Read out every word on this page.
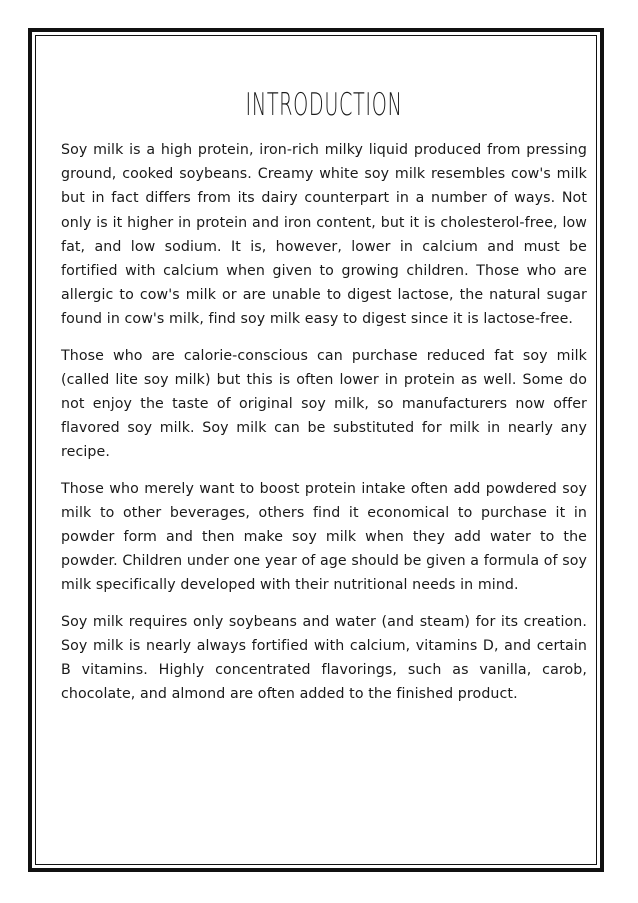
INTRODUCTION

Soy milk is a high protein, iron-rich milky liquid produced from pressing ground, cooked soybeans. Creamy white soy milk resembles cow's milk but in fact differs from its dairy counterpart in a number of ways. Not only is it higher in protein and iron content, but it is cholesterol-free, low fat, and low sodium. It is, however, lower in calcium and must be fortified with calcium when given to growing children. Those who are allergic to cow's milk or are unable to digest lactose, the natural sugar found in cow's milk, find soy milk easy to digest since it is lactose-free.

Those who are calorie-conscious can purchase reduced fat soy milk (called lite soy milk) but this is often lower in protein as well. Some do not enjoy the taste of original soy milk, so manufacturers now offer flavored soy milk. Soy milk can be substituted for milk in nearly any recipe.

Those who merely want to boost protein intake often add powdered soy milk to other beverages, others find it economical to purchase it in powder form and then make soy milk when they add water to the powder. Children under one year of age should be given a formula of soy milk specifically developed with their nutritional needs in mind.

Soy milk requires only soybeans and water (and steam) for its creation. Soy milk is nearly always fortified with calcium, vitamins D, and certain B vitamins. Highly concentrated flavorings, such as vanilla, carob, chocolate, and almond are often added to the finished product.
